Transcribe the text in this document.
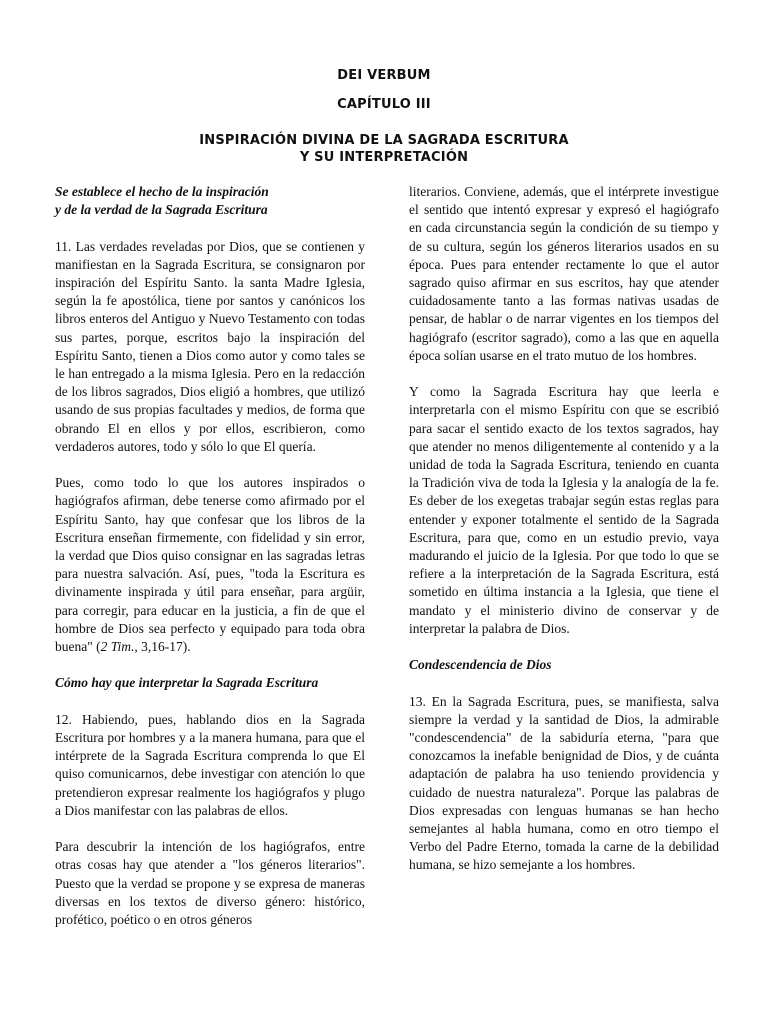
DEI VERBUM
CAPÍTULO III
INSPIRACIÓN DIVINA DE LA SAGRADA ESCRITURA
Y SU INTERPRETACIÓN

Se establece el hecho de la inspiración
y de la verdad de la Sagrada Escritura

11. Las verdades reveladas por Dios, que se contienen y manifiestan en la Sagrada Escritura, se consignaron por inspiración del Espíritu Santo. la santa Madre Iglesia, según la fe apostólica, tiene por santos y canónicos los libros enteros del Antiguo y Nuevo Testamento con todas sus partes, porque, escritos bajo la inspiración del Espíritu Santo, tienen a Dios como autor y como tales se le han entregado a la misma Iglesia. Pero en la redacción de los libros sagrados, Dios eligió a hombres, que utilizó usando de sus propias facultades y medios, de forma que obrando El en ellos y por ellos, escribieron, como verdaderos autores, todo y sólo lo que El quería.

Pues, como todo lo que los autores inspirados o hagiógrafos afirman, debe tenerse como afirmado por el Espíritu Santo, hay que confesar que los libros de la Escritura enseñan firmemente, con fidelidad y sin error, la verdad que Dios quiso consignar en las sagradas letras para nuestra salvación. Así, pues, "toda la Escritura es divinamente inspirada y útil para enseñar, para argüir, para corregir, para educar en la justicia, a fin de que el hombre de Dios sea perfecto y equipado para toda obra buena" (2 Tim., 3,16-17).

Cómo hay que interpretar la Sagrada Escritura

12. Habiendo, pues, hablando dios en la Sagrada Escritura por hombres y a la manera humana, para que el intérprete de la Sagrada Escritura comprenda lo que El quiso comunicarnos, debe investigar con atención lo que pretendieron expresar realmente los hagiógrafos y plugo a Dios manifestar con las palabras de ellos.

Para descubrir la intención de los hagiógrafos, entre otras cosas hay que atender a "los géneros literarios". Puesto que la verdad se propone y se expresa de maneras diversas en los textos de diverso género: histórico, profético, poético o en otros géneros

literarios. Conviene, además, que el intérprete investigue el sentido que intentó expresar y expresó el hagiógrafo en cada circunstancia según la condición de su tiempo y de su cultura, según los géneros literarios usados en su época. Pues para entender rectamente lo que el autor sagrado quiso afirmar en sus escritos, hay que atender cuidadosamente tanto a las formas nativas usadas de pensar, de hablar o de narrar vigentes en los tiempos del hagiógrafo (escritor sagrado), como a las que en aquella época solían usarse en el trato mutuo de los hombres.

Y como la Sagrada Escritura hay que leerla e interpretarla con el mismo Espíritu con que se escribió para sacar el sentido exacto de los textos sagrados, hay que atender no menos diligentemente al contenido y a la unidad de toda la Sagrada Escritura, teniendo en cuanta la Tradición viva de toda la Iglesia y la analogía de la fe. Es deber de los exegetas trabajar según estas reglas para entender y exponer totalmente el sentido de la Sagrada Escritura, para que, como en un estudio previo, vaya madurando el juicio de la Iglesia. Por que todo lo que se refiere a la interpretación de la Sagrada Escritura, está sometido en última instancia a la Iglesia, que tiene el mandato y el ministerio divino de conservar y de interpretar la palabra de Dios.

Condescendencia de Dios

13. En la Sagrada Escritura, pues, se manifiesta, salva siempre la verdad y la santidad de Dios, la admirable "condescendencia" de la sabiduría eterna, "para que conozcamos la inefable benignidad de Dios, y de cuánta adaptación de palabra ha uso teniendo providencia y cuidado de nuestra naturaleza". Porque las palabras de Dios expresadas con lenguas humanas se han hecho semejantes al habla humana, como en otro tiempo el Verbo del Padre Eterno, tomada la carne de la debilidad humana, se hizo semejante a los hombres.
